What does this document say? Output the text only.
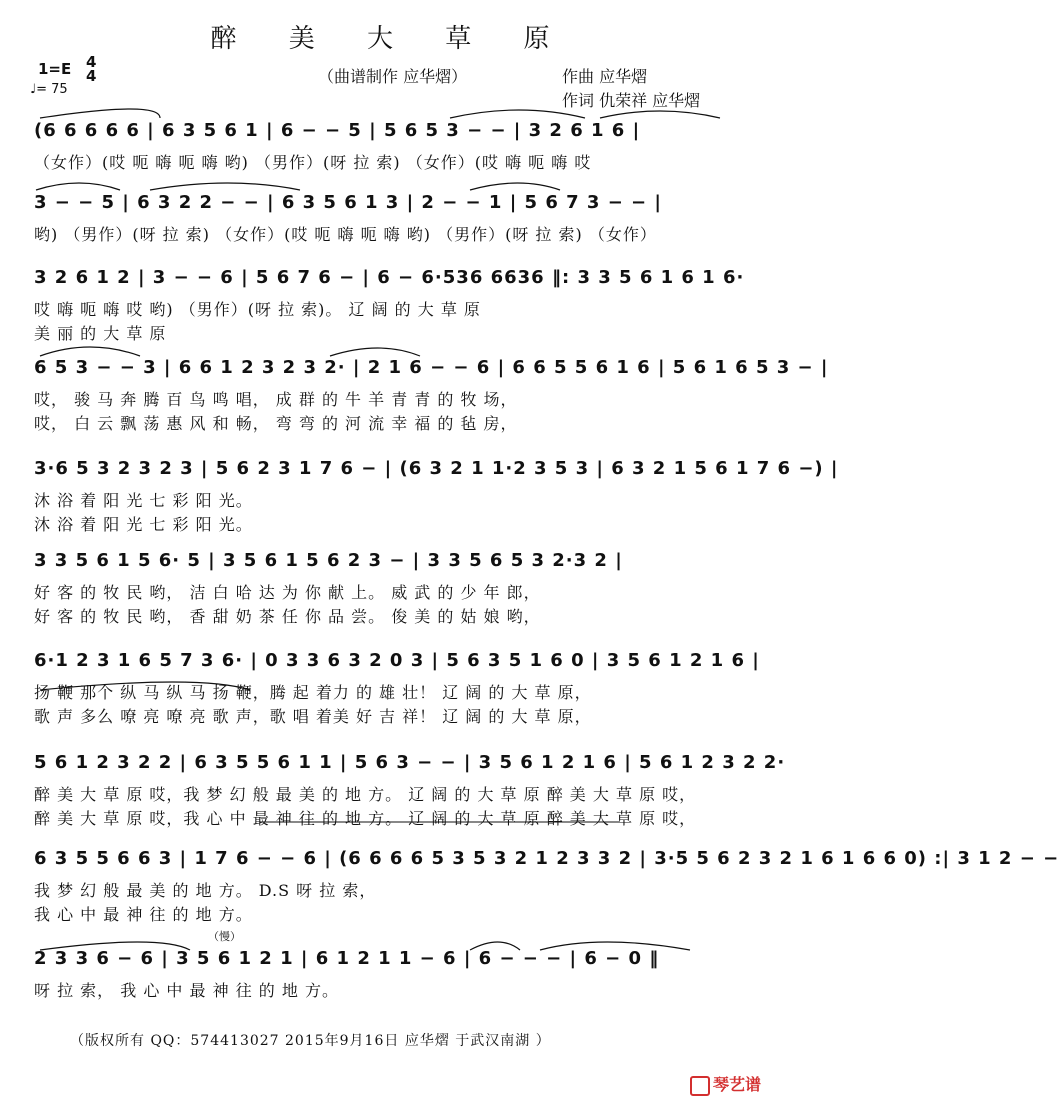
醉 美 大 草 原
1=E 4
4
♩= 75
（曲谱制作 应华熠）	作曲 应华熠
作词 仇荣祥 应华熠
(6 6 6 6 6 | 6 3 5 6 1 | 6 − − 5 | 5 6 5 3 − − | 3 2 6 1 6 |
（女作）(哎 呃 嗨 呃 嗨 哟) （男作）(呀 拉 索) （女作）(哎 嗨 呃 嗨 哎
3 − − 5 | 6 3 2 2 − − | 6 3 5 6 1 3 | 2 − − 1 | 5 6 7 3 − − |
哟) （男作）(呀 拉 索) （女作）(哎 呃 嗨 呃 嗨 哟) （男作）(呀 拉 索) （女作）
3 2 6 1 2 | 3 − − 6 | 5 6 7 6 − | 6 − 6·536 6636 ‖: 3 3 5 6 1 6 1 6·
哎 嗨 呃 嗨 哎 哟) （男作）(呀 拉 索)。 辽 阔 的 大 草 原
美 丽 的 大 草 原
6 5 3 − − 3 | 6 6 1 2 3 2 3 2· | 2 1 6 − − 6 | 6 6 5 5 6 1 6 | 5 6 1 6 5 3 − |
哎， 骏 马 奔 腾 百 鸟 鸣 唱， 成 群 的 牛 羊 青 青 的 牧 场，
哎， 白 云 飘 荡 惠 风 和 畅， 弯 弯 的 河 流 幸 福 的 毡 房，
3·6 5 3 2 3 2 3 | 5 6 2 3 1 7 6 − | (6 3 2 1 1·2 3 5 3 | 6 3 2 1 5 6 1 7 6 −) |
沐 浴 着 阳 光 七 彩 阳 光。
沐 浴 着 阳 光 七 彩 阳 光。
3 3 5 6 1 5 6· 5 | 3 5 6 1 5 6 2 3 − | 3 3 5 6 5 3 2·3 2 |
好 客 的 牧 民 哟， 洁 白 哈 达 为 你 献 上。 威 武 的 少 年 郎，
好 客 的 牧 民 哟， 香 甜 奶 茶 任 你 品 尝。 俊 美 的 姑 娘 哟，
6·1 2 3 1 6 5 7 3 6· | 0 3 3 6 3 2 0 3 | 5 6 3 5 1 6 0 | 3 5 6 1 2 1 6 |
扬 鞭 那个 纵 马 纵 马 扬 鞭，腾 起 着力 的 雄 壮！ 辽 阔 的 大 草 原，
歌 声 多么 嘹 亮 嘹 亮 歌 声，歌 唱 着美 好 吉 祥！ 辽 阔 的 大 草 原，
5 6 1 2 3 2 2 | 6 3 5 5 6 1 1 | 5 6 3 − − | 3 5 6 1 2 1 6 | 5 6 1 2 3 2 2·
醉 美 大 草 原 哎，我 梦 幻 般 最 美 的 地 方。 辽 阔 的 大 草 原 醉 美 大 草 原 哎，
醉 美 大 草 原 哎，我 心 中 最 神 往 的 地 方。 辽 阔 的 大 草 原 醉 美 大 草 原 哎，
6 3 5 5 6 6 3 | 1 7 6 − − 6 | (6 6 6 6 5 3 5 3 2 1 2 3 3 2 | 3·5 5 6 2 3 2 1 6 1 6 6 0) :| 3 1 2 − −
我 梦 幻 般 最 美 的 地 方。 D.S 呀 拉 索，
我 心 中 最 神 往 的 地 方。
2 3 3 6 − 6 | 3 5 6 1 2 1 | 6 1 2 1 1 − 6 | 6 − − − | 6 − 0 ‖
呀 拉 索， 我 心 中 最 神 往 的 地 方。
（慢）
（版权所有 QQ：574413027 2015年9月16日 应华熠 于武汉南湖 ）
琴艺谱
